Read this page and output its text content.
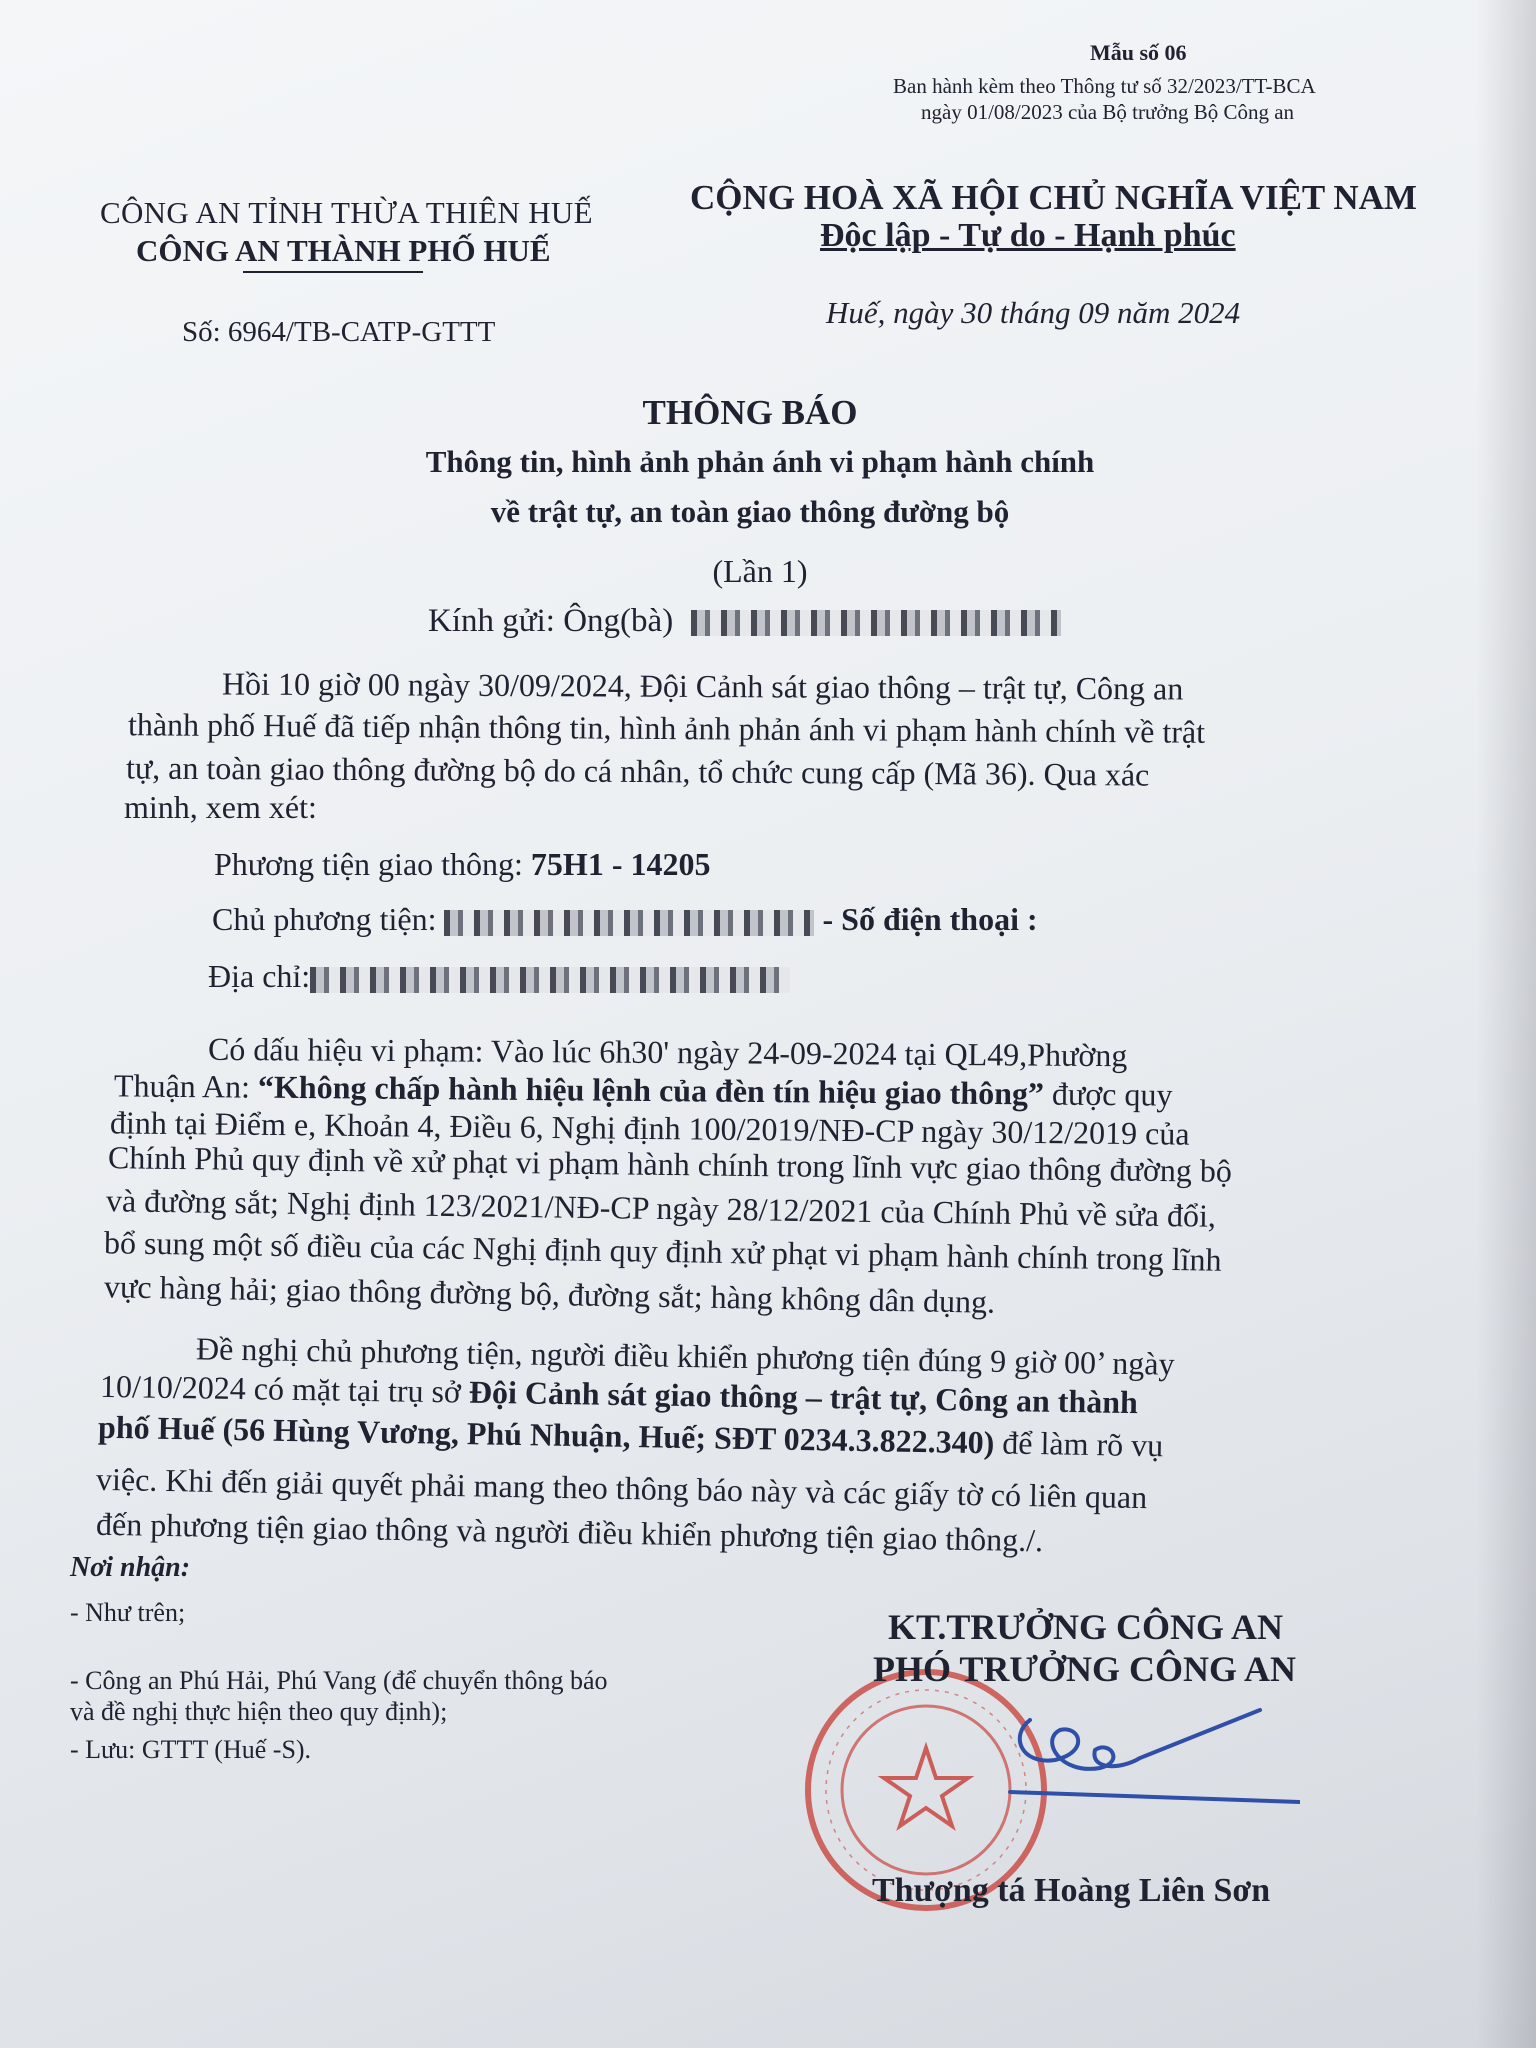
Mẫu số 06
Ban hành kèm theo Thông tư số 32/2023/TT-BCA
ngày 01/08/2023 của Bộ trưởng Bộ Công an
CÔNG AN TỈNH THỪA THIÊN HUẾ
CÔNG AN THÀNH PHỐ HUẾ
Số: 6964/TB-CATP-GTTT
CỘNG HOÀ XÃ HỘI CHỦ NGHĨA VIỆT NAM
Độc lập - Tự do - Hạnh phúc
Huế, ngày 30 tháng 09 năm 2024
THÔNG BÁO
Thông tin, hình ảnh phản ánh vi phạm hành chính
về trật tự, an toàn giao thông đường bộ
(Lần 1)
Kính gửi: Ông(bà)
Hồi 10 giờ 00 ngày 30/09/2024, Đội Cảnh sát giao thông – trật tự, Công an
thành phố Huế đã tiếp nhận thông tin, hình ảnh phản ánh vi phạm hành chính về trật
tự, an toàn giao thông đường bộ do cá nhân, tổ chức cung cấp (Mã 36). Qua xác
minh, xem xét:
Phương tiện giao thông: 75H1 - 14205
Chủ phương tiện:	- Số điện thoại :
Địa chỉ:
Có dấu hiệu vi phạm: Vào lúc 6h30' ngày 24-09-2024 tại QL49,Phường
Thuận An: “Không chấp hành hiệu lệnh của đèn tín hiệu giao thông” được quy
định tại Điểm e, Khoản 4, Điều 6, Nghị định 100/2019/NĐ-CP ngày 30/12/2019 của
Chính Phủ quy định về xử phạt vi phạm hành chính trong lĩnh vực giao thông đường bộ
và đường sắt; Nghị định 123/2021/NĐ-CP ngày 28/12/2021 của Chính Phủ về sửa đổi,
bổ sung một số điều của các Nghị định quy định xử phạt vi phạm hành chính trong lĩnh
vực hàng hải; giao thông đường bộ, đường sắt; hàng không dân dụng.
Đề nghị chủ phương tiện, người điều khiển phương tiện đúng 9 giờ 00’ ngày
10/10/2024 có mặt tại trụ sở Đội Cảnh sát giao thông – trật tự, Công an thành
phố Huế (56 Hùng Vương, Phú Nhuận, Huế; SĐT 0234.3.822.340) để làm rõ vụ
việc. Khi đến giải quyết phải mang theo thông báo này và các giấy tờ có liên quan
đến phương tiện giao thông và người điều khiển phương tiện giao thông./.
Nơi nhận:
- Như trên;
- Công an Phú Hải, Phú Vang (để chuyển thông báo
và đề nghị thực hiện theo quy định);
- Lưu: GTTT (Huế -S).
KT.TRƯỞNG CÔNG AN
PHÓ TRƯỞNG CÔNG AN
Thượng tá Hoàng Liên Sơn
